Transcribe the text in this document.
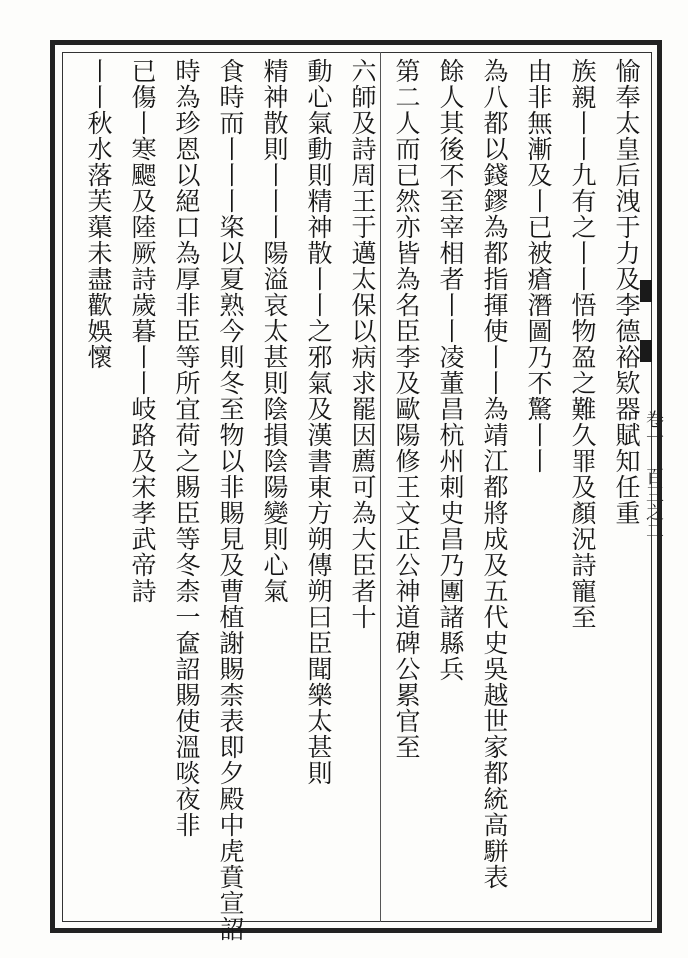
卷一 百三之二
愉奉太皇后洩于
力及李德裕欵器賦知任重
族親丨丨九有
之丨丨悟物盈之難久罪及顏況詩寵至
由非無漸及丨已被瘡潛圖
乃不驚丨丨
為八都以錢鏐為都指揮使丨丨為靖江都將
成及五代史吳越世家都統高駢表
餘人其後不至宰相者丨丨凌
董昌杭州刺史昌乃團諸縣兵
第二人而已然亦皆為名臣
李及歐陽修王文正公神道碑公累官至
六師及詩周王于邁
太保以病求罷因薦可為大臣者十
動心氣動則精神散
丨丨之邪氣及漢書東方朔傳朔曰臣聞樂太甚則
精神散則丨丨丨
陽溢哀太甚則陰損陰陽變則心氣
食時而丨丨丨栥以夏熟今則冬至物以非
賜見及曹植謝賜柰表即夕殿中虎賁宣詔
時為珍恩以絕口為厚非臣等所宜荷之
賜臣等冬柰一奩詔賜使溫啖夜非
已傷丨寒颸及陸厥詩歲暮丨丨
岐路及宋孝武帝詩
丨丨秋水落芙蕖
未盡歡娛懷
